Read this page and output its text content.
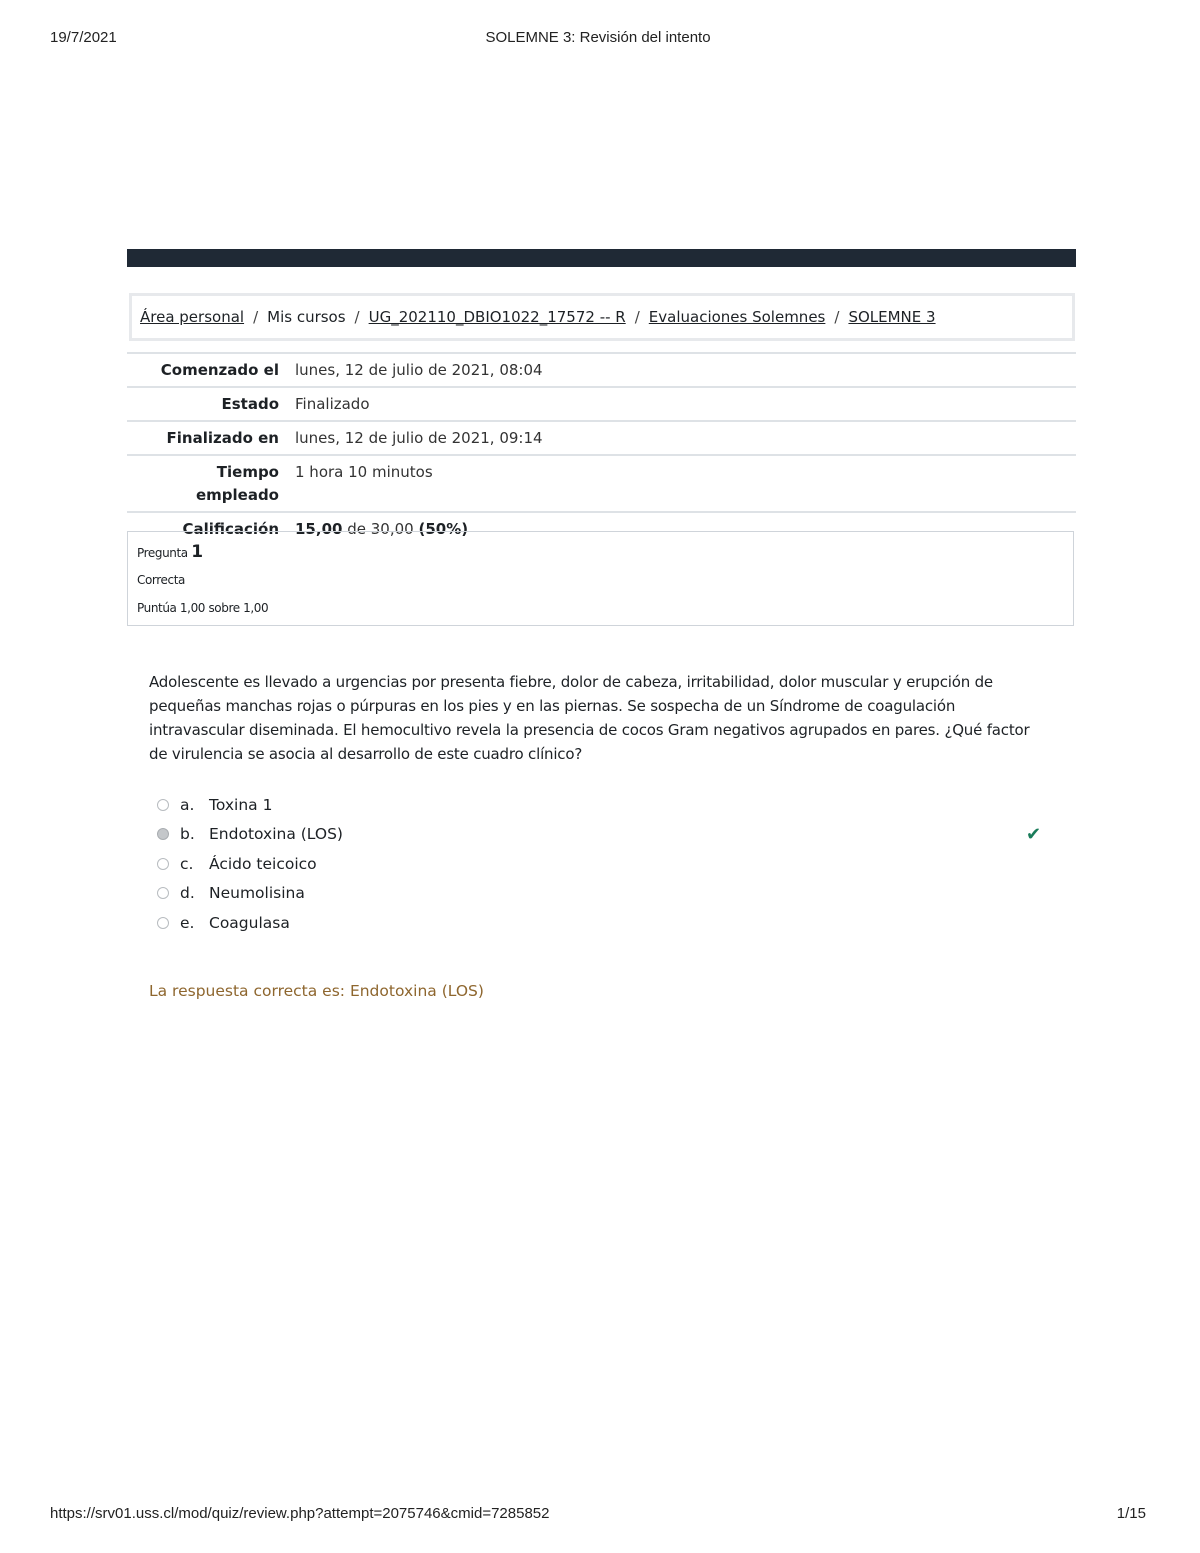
19/7/2021	SOLEMNE 3: Revisión del intento
Área personal / Mis cursos / UG_202110_DBIO1022_17572 -- R / Evaluaciones Solemnes / SOLEMNE 3
Comenzado el	lunes, 12 de julio de 2021, 08:04
Estado	Finalizado
Finalizado en	lunes, 12 de julio de 2021, 09:14
Tiempo
empleado	1 hora 10 minutos
Calificación	15,00 de 30,00 (50%)
Pregunta 1
Correcta
Puntúa 1,00 sobre 1,00
Adolescente es llevado a urgencias por presenta fiebre, dolor de cabeza, irritabilidad, dolor muscular y erupción de pequeñas manchas rojas o púrpuras en los pies y en las piernas. Se sospecha de un Síndrome de coagulación intravascular diseminada. El hemocultivo revela la presencia de cocos Gram negativos agrupados en pares. ¿Qué factor de virulencia se asocia al desarrollo de este cuadro clínico?
a. Toxina 1
b. Endotoxina (LOS)	✔
c.	Ácido teicoico
d. Neumolisina
e. Coagulasa
La respuesta correcta es: Endotoxina (LOS)
https://srv01.uss.cl/mod/quiz/review.php?attempt=2075746&cmid=7285852	1/15
